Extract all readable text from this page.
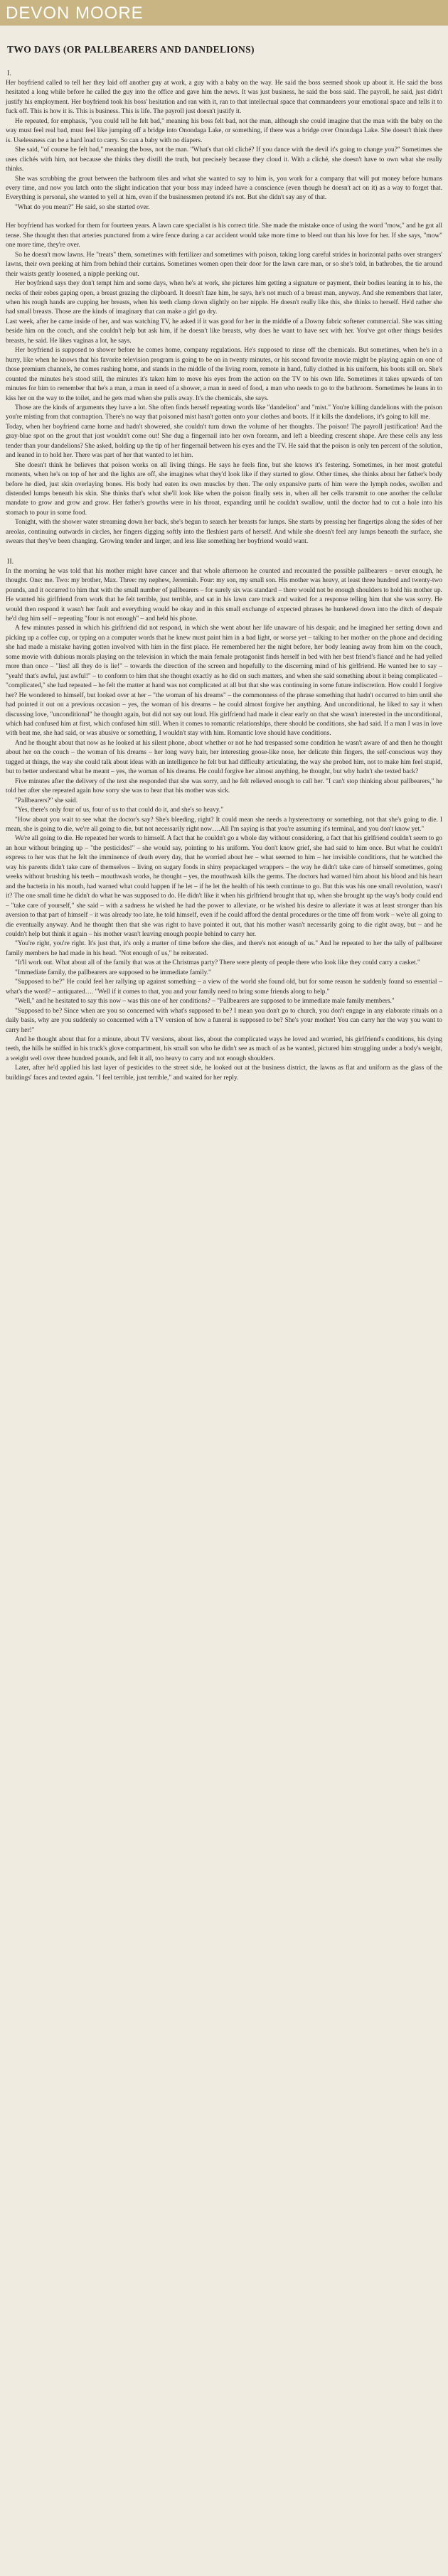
DEVON MOORE
TWO DAYS (OR PALLBEARERS AND DANDELIONS)
I.

Her boyfriend called to tell her they laid off another guy at work, a guy with a baby on the way. He said the boss seemed shook up about it. He said the boss hesitated a long while before he called the guy into the office and gave him the news. It was just business, he said the boss said. The payroll, he said, just didn't justify his employment. Her boyfriend took his boss' hesitation and ran with it, ran to that intellectual space that commandeers your emotional space and tells it to fuck off. This is how it is. This is business. This is life. The payroll just doesn't justify it.

He repeated, for emphasis, "you could tell he felt bad," meaning his boss felt bad, not the man, although she could imagine that the man with the baby on the way must feel real bad, must feel like jumping off a bridge into Onondaga Lake, or something, if there was a bridge over Onondaga Lake. She doesn't think there is. Uselessness can be a hard load to carry. So can a baby with no diapers.

She said, "of course he felt bad," meaning the boss, not the man. "What's that old cliché? If you dance with the devil it's going to change you?" Sometimes she uses clichés with him, not because she thinks they distill the truth, but precisely because they cloud it. With a cliché, she doesn't have to own what she really thinks.

She was scrubbing the grout between the bathroom tiles and what she wanted to say to him is, you work for a company that will put money before humans every time, and now you latch onto the slight indication that your boss may indeed have a conscience (even though he doesn't act on it) as a way to forget that. Everything is personal, she wanted to yell at him, even if the businessmen pretend it's not. But she didn't say any of that.

"What do you mean?" He said, so she started over.

Her boyfriend has worked for them for fourteen years. A lawn care specialist is his correct title. She made the mistake once of using the word "mow," and he got all tense. She thought then that arteries punctured from a wire fence during a car accident would take more time to bleed out than his love for her. If she says, "mow" one more time, they're over.

So he doesn't mow lawns. He "treats" them, sometimes with fertilizer and sometimes with poison, taking long careful strides in horizontal paths over strangers' lawns, their own peeking at him from behind their curtains. Sometimes women open their door for the lawn care man, or so she's told, in bathrobes, the tie around their waists gently loosened, a nipple peeking out.

Her boyfriend says they don't tempt him and some days, when he's at work, she pictures him getting a signature or payment, their bodies leaning in to his, the necks of their robes gaping open, a breast grazing the clipboard. It doesn't faze him, he says, he's not much of a breast man, anyway. And she remembers that later, when his rough hands are cupping her breasts, when his teeth clamp down slightly on her nipple. He doesn't really like this, she thinks to herself. He'd rather she had small breasts. Those are the kinds of imaginary that can make a girl go dry.

Last week, after he came inside of her, and was watching TV, he asked if it was good for her in the middle of a Downy fabric softener commercial. She was sitting beside him on the couch, and she couldn't help but ask him, if he doesn't like breasts, why does he want to have sex with her. You've got other things besides breasts, he said. He likes vaginas a lot, he says.

Her boyfriend is supposed to shower before he comes home, company regulations. He's supposed to rinse off the chemicals. But sometimes, when he's in a hurry, like when he knows that his favorite television program is going to be on in twenty minutes, or his second favorite movie might be playing again on one of those premium channels, he comes rushing home, and stands in the middle of the living room, remote in hand, fully clothed in his uniform, his boots still on. She's counted the minutes he's stood still, the minutes it's taken him to move his eyes from the action on the TV to his own life. Sometimes it takes upwards of ten minutes for him to remember that he's a man, a man in need of a shower, a man in need of food, a man who needs to go to the bathroom. Sometimes he leans in to kiss her on the way to the toilet, and he gets mad when she pulls away. It's the chemicals, she says.

Those are the kinds of arguments they have a lot. She often finds herself repeating words like "dandelion" and "mist." You're killing dandelions with the poison you're misting from that contraption. There's no way that poisoned mist hasn't gotten onto your clothes and boots. If it kills the dandelions, it's going to kill me.

Today, when her boyfriend came home and hadn't showered, she couldn't turn down the volume of her thoughts. The poison! The payroll justification! And the gray-blue spot on the grout that just wouldn't come out! She dug a fingernail into her own forearm, and left a bleeding crescent shape. Are these cells any less tender than your dandelions? She asked, holding up the tip of her fingernail between his eyes and the TV. He said that the poison is only ten percent of the solution, and leaned in to hold her. There was part of her that wanted to let him.

She doesn't think he believes that poison works on all living things. He says he feels fine, but she knows it's festering. Sometimes, in her most grateful moments, when he's on top of her and the lights are off, she imagines what they'd look like if they started to glow. Other times, she thinks about her father's body before he died, just skin overlaying bones. His body had eaten its own muscles by then. The only expansive parts of him were the lymph nodes, swollen and distended lumps beneath his skin. She thinks that's what she'll look like when the poison finally sets in, when all her cells transmit to one another the cellular mandate to grow and grow and grow. Her father's growths were in his throat, expanding until he couldn't swallow, until the doctor had to cut a hole into his stomach to pour in some food.

Tonight, with the shower water streaming down her back, she's begun to search her breasts for lumps. She starts by pressing her fingertips along the sides of her areolas, continuing outwards in circles, her fingers digging softly into the fleshiest parts of herself. And while she doesn't feel any lumps beneath the surface, she swears that they've been changing. Growing tender and larger, and less like something her boyfriend would want.

II.

In the morning he was told that his mother might have cancer and that whole afternoon he counted and recounted the possible pallbearers – never enough, he thought. One: me. Two: my brother, Max. Three: my nephew, Jeremiah. Four: my son, my small son. His mother was heavy, at least three hundred and twenty-two pounds, and it occurred to him that with the small number of pallbearers – for surely six was standard – there would not be enough shoulders to hold his mother up. He wanted his girlfriend from work that he felt terrible, just terrible, and sat in his lawn care truck and waited for a response telling him that she was sorry. He would then respond it wasn't her fault and everything would be okay and in this small exchange of expected phrases he hunkered down into the ditch of despair he'd dug him self – repeating "four is not enough" – and held his phone.

A few minutes passed in which his girlfriend did not respond, in which she went about her life unaware of his despair, and he imagined her setting down and picking up a coffee cup, or typing on a computer words that he knew must paint him in a bad light, or worse yet – talking to her mother on the phone and deciding she had made a mistake having gotten involved with him in the first place. He remembered her the night before, her body leaning away from him on the couch, some movie with dubious morals playing on the television in which the main female protagonist finds herself in bed with her best friend's fiancé and he had yelled more than once – "lies! all they do is lie!" – towards the direction of the screen and hopefully to the discerning mind of his girlfriend. He wanted her to say – "yeah! that's awful, just awful!" – to conform to him that she thought exactly as he did on such matters, and when she said something about it being complicated – "complicated," she had repeated – he felt the matter at hand was not complicated at all but that she was continuing in some future indiscretion. How could I forgive her? He wondered to himself, but looked over at her – "the woman of his dreams" – the commonness of the phrase something that hadn't occurred to him until she had pointed it out on a previous occasion – yes, the woman of his dreams – he could almost forgive her anything. And unconditional, he liked to say it when discussing love, "unconditional" he thought again, but did not say out loud. His girlfriend had made it clear early on that she wasn't interested in the unconditional, which had confused him at first, which confused him still. When it comes to romantic relationships, there should be conditions, she had said. If a man I was in love with beat me, she had said, or was abusive or something, I wouldn't stay with him. Romantic love should have conditions.

And he thought about that now as he looked at his silent phone, about whether or not he had trespassed some condition he wasn't aware of and then he thought about her on the couch – the woman of his dreams – her long wavy hair, her interesting goose-like nose, her delicate thin fingers, the self-conscious way they tugged at things, the way she could talk about ideas with an intelligence he felt but had difficulty articulating, the way she probed him, not to make him feel stupid, but to better understand what he meant – yes, the woman of his dreams. He could forgive her almost anything, he thought, but why hadn't she texted back?

Five minutes after the delivery of the text she responded that she was sorry, and he felt relieved enough to call her. "I can't stop thinking about pallbearers," he told her after she repeated again how sorry she was to hear that his mother was sick.

"Pallbearers?" she said.

"Yes, there's only four of us, four of us to that could do it, and she's so heavy."

"How about you wait to see what the doctor's say? She's bleeding, right? It could mean she needs a hysterectomy or something, not that she's going to die. I mean, she is going to die, we're all going to die, but not necessarily right now….All I'm saying is that you're assuming it's terminal, and you don't know yet."

We're all going to die. He repeated her words to himself. A fact that he couldn't go a whole day without considering, a fact that his girlfriend couldn't seem to go an hour without bringing up – "the pesticides!" – she would say, pointing to his uniform. You don't know grief, she had said to him once. But what he couldn't express to her was that he felt the imminence of death every day, that he worried about her – what seemed to him – her invisible conditions, that he watched the way his parents didn't take care of themselves – living on sugary foods in shiny prepackaged wrappers – the way he didn't take care of himself sometimes, going weeks without brushing his teeth – mouthwash works, he thought – yes, the mouthwash kills the germs. The doctors had warned him about his blood and his heart and the bacteria in his mouth, had warned what could happen if he let – if he let the health of his teeth continue to go. But this was his one small revolution, wasn't it? The one small time he didn't do what he was supposed to do. He didn't like it when his girlfriend brought that up, when she brought up the way's body could end – "take care of yourself," she said – with a sadness he wished he had the power to alleviate, or he wished his desire to alleviate it was at least stronger than his aversion to that part of himself – it was already too late, he told himself, even if he could afford the dental procedures or the time off from work – we're all going to die eventually anyway. And he thought then that she was right to have pointed it out, that his mother wasn't necessarily going to die right away, but – and he couldn't help but think it again – his mother wasn't leaving enough people behind to carry her.

"You're right, you're right. It's just that, it's only a matter of time before she dies, and there's not enough of us." And he repeated to her the tally of pallbearer family members he had made in his head. "Not enough of us," he reiterated.

"It'll work out. What about all of the family that was at the Christmas party? There were plenty of people there who look like they could carry a casket."

"Immediate family, the pallbearers are supposed to be immediate family."

"Supposed to be?" He could feel her rallying up against something – a view of the world she found old, but for some reason he suddenly found so essential – what's the word? – antiquated…. "Well if it comes to that, you and your family need to bring some friends along to help."

"Well," and he hesitated to say this now – was this one of her conditions? – "Pallbearers are supposed to be immediate male family members."

"Supposed to be? Since when are you so concerned with what's supposed to be? I mean you don't go to church, you don't engage in any elaborate rituals on a daily basis, why are you suddenly so concerned with a TV version of how a funeral is supposed to be? She's your mother! You can carry her the way you want to carry her!"

And he thought about that for a minute, about TV versions, about lies, about the complicated ways he loved and worried, his girlfriend's conditions, his dying teeth, the hills he sniffed in his truck's glove compartment, his small son who he didn't see as much of as he wanted, pictured him struggling under a body's weight, a weight well over three hundred pounds, and felt it all, too heavy to carry and not enough shoulders.

Later, after he'd applied his last layer of pesticides to the street side, he looked out at the business district, the lawns as flat and uniform as the glass of the buildings' faces and texted again. "I feel terrible, just terrible," and waited for her reply.
